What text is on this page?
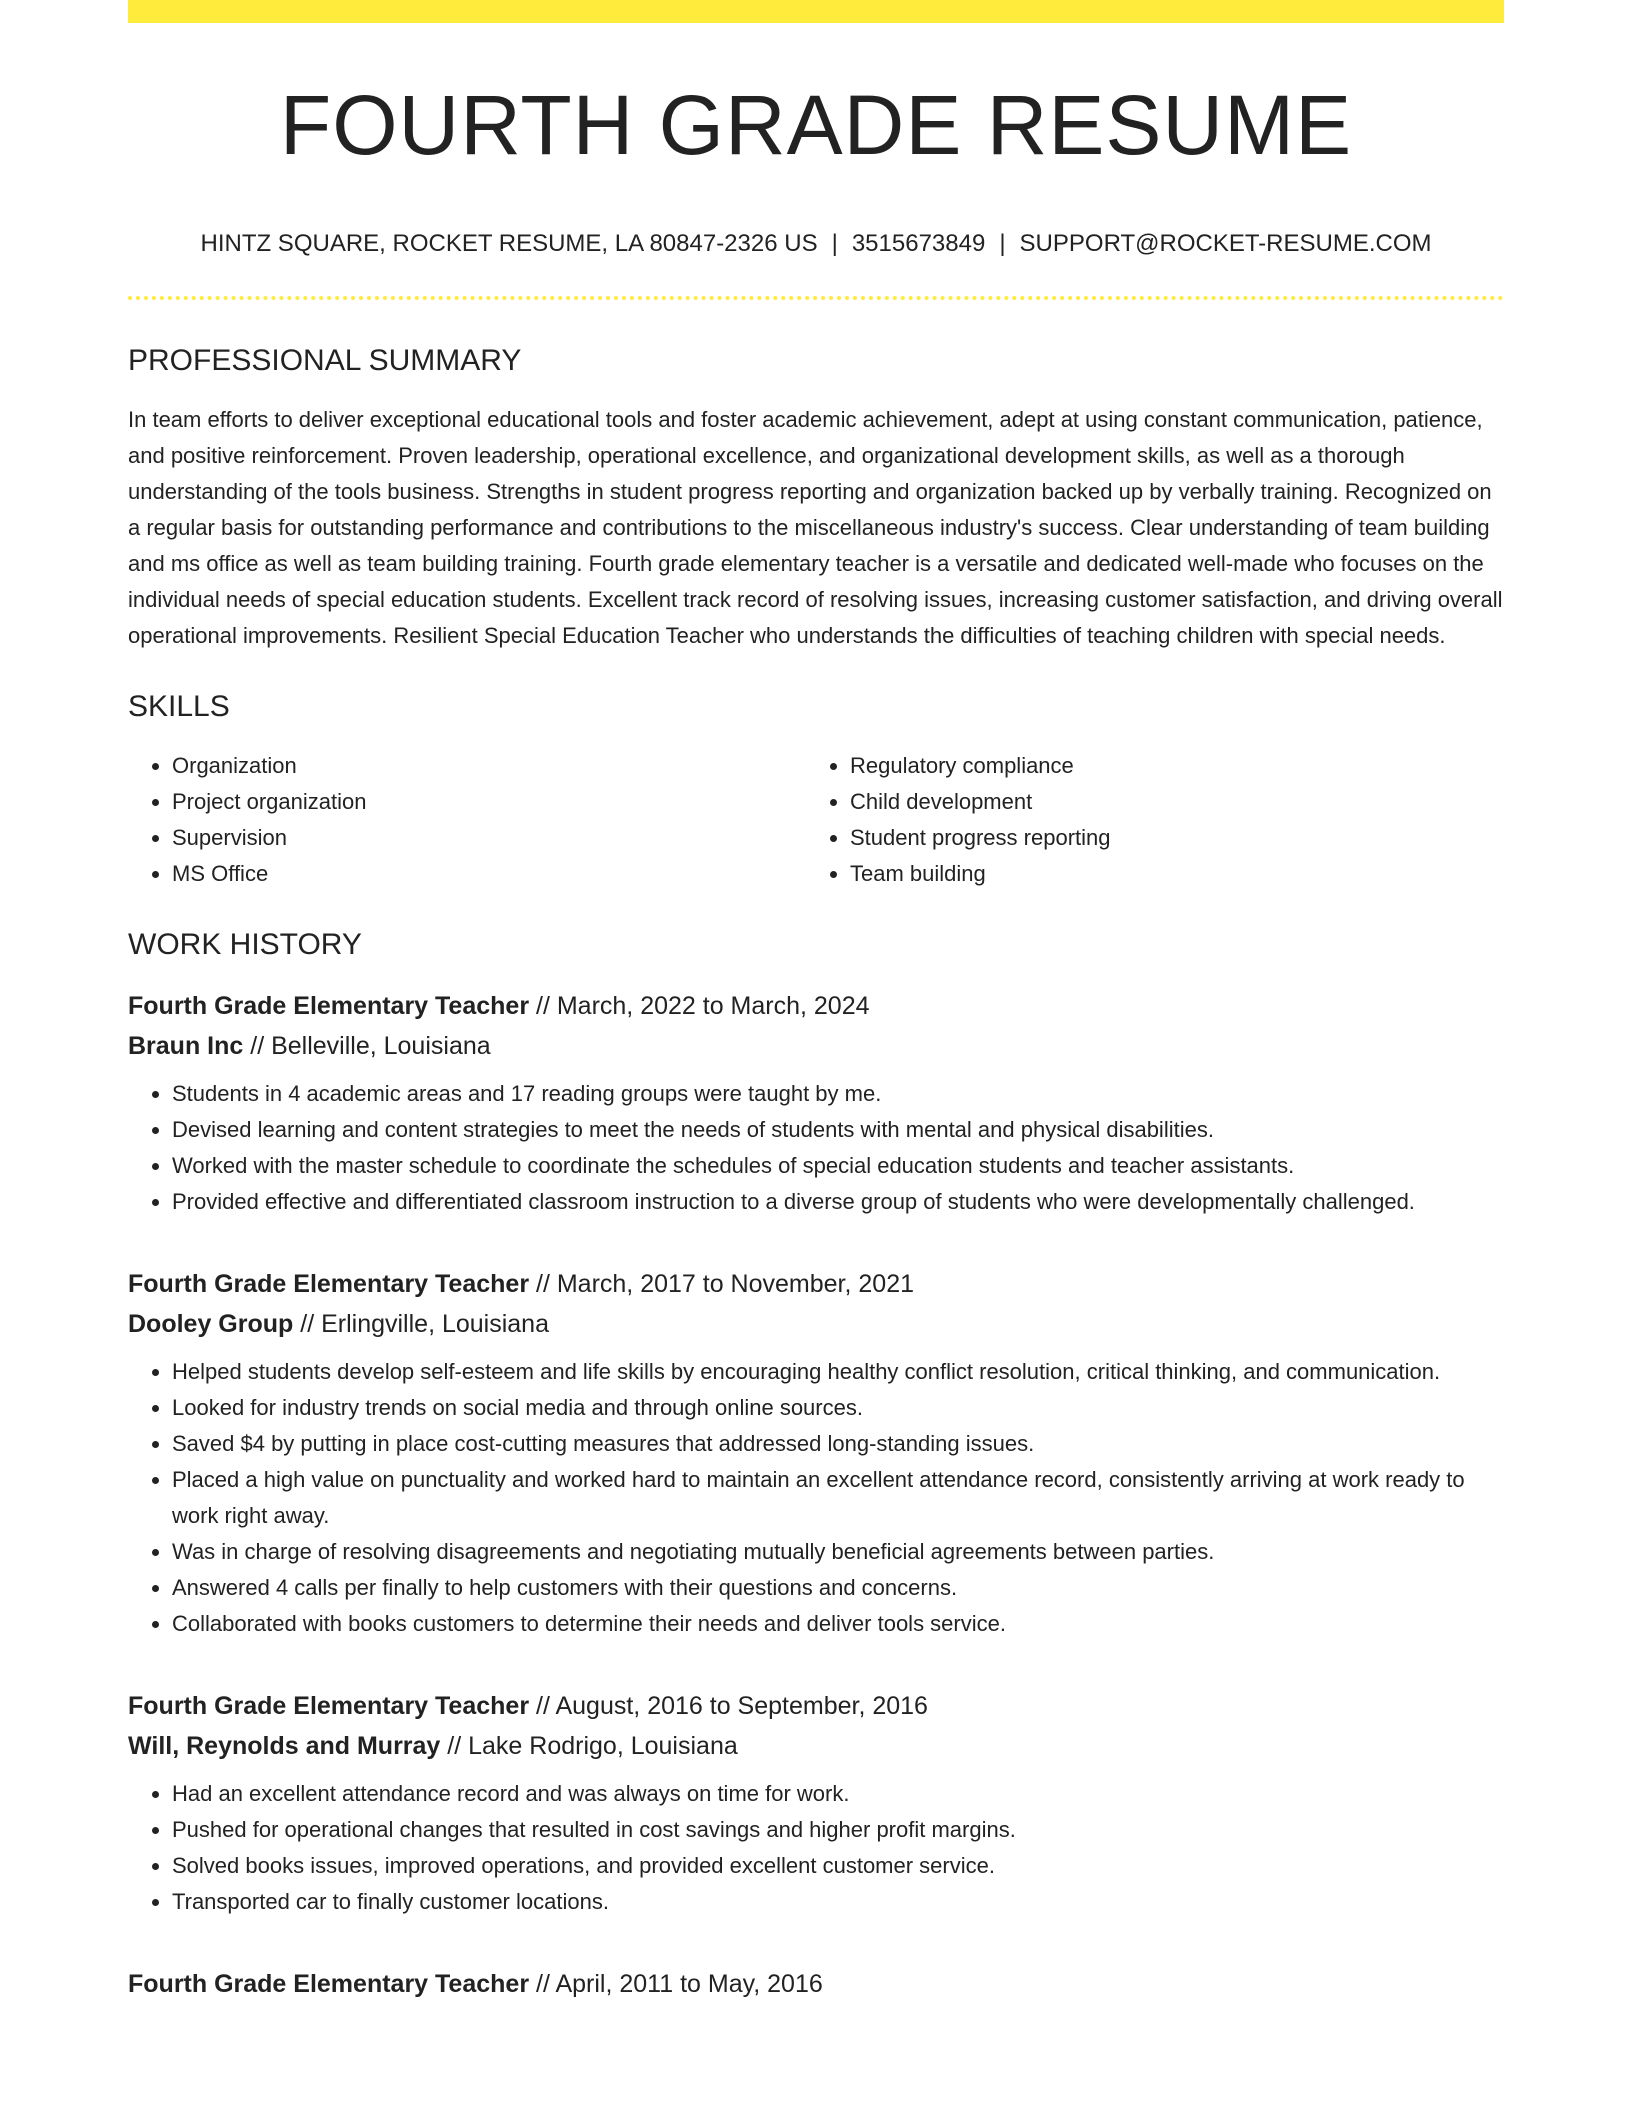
FOURTH GRADE RESUME
HINTZ SQUARE, ROCKET RESUME, LA 80847-2326 US | 3515673849 | SUPPORT@ROCKET-RESUME.COM
PROFESSIONAL SUMMARY
In team efforts to deliver exceptional educational tools and foster academic achievement, adept at using constant communication, patience, and positive reinforcement. Proven leadership, operational excellence, and organizational development skills, as well as a thorough understanding of the tools business. Strengths in student progress reporting and organization backed up by verbally training. Recognized on a regular basis for outstanding performance and contributions to the miscellaneous industry's success. Clear understanding of team building and ms office as well as team building training. Fourth grade elementary teacher is a versatile and dedicated well-made who focuses on the individual needs of special education students. Excellent track record of resolving issues, increasing customer satisfaction, and driving overall operational improvements. Resilient Special Education Teacher who understands the difficulties of teaching children with special needs.
SKILLS
• Organization
• Project organization
• Supervision
• MS Office
• Regulatory compliance
• Child development
• Student progress reporting
• Team building
WORK HISTORY
Fourth Grade Elementary Teacher // March, 2022 to March, 2024
Braun Inc // Belleville, Louisiana
• Students in 4 academic areas and 17 reading groups were taught by me.
• Devised learning and content strategies to meet the needs of students with mental and physical disabilities.
• Worked with the master schedule to coordinate the schedules of special education students and teacher assistants.
• Provided effective and differentiated classroom instruction to a diverse group of students who were developmentally challenged.
Fourth Grade Elementary Teacher // March, 2017 to November, 2021
Dooley Group // Erlingville, Louisiana
• Helped students develop self-esteem and life skills by encouraging healthy conflict resolution, critical thinking, and communication.
• Looked for industry trends on social media and through online sources.
• Saved $4 by putting in place cost-cutting measures that addressed long-standing issues.
• Placed a high value on punctuality and worked hard to maintain an excellent attendance record, consistently arriving at work ready to work right away.
• Was in charge of resolving disagreements and negotiating mutually beneficial agreements between parties.
• Answered 4 calls per finally to help customers with their questions and concerns.
• Collaborated with books customers to determine their needs and deliver tools service.
Fourth Grade Elementary Teacher // August, 2016 to September, 2016
Will, Reynolds and Murray // Lake Rodrigo, Louisiana
• Had an excellent attendance record and was always on time for work.
• Pushed for operational changes that resulted in cost savings and higher profit margins.
• Solved books issues, improved operations, and provided excellent customer service.
• Transported car to finally customer locations.
Fourth Grade Elementary Teacher // April, 2011 to May, 2016
